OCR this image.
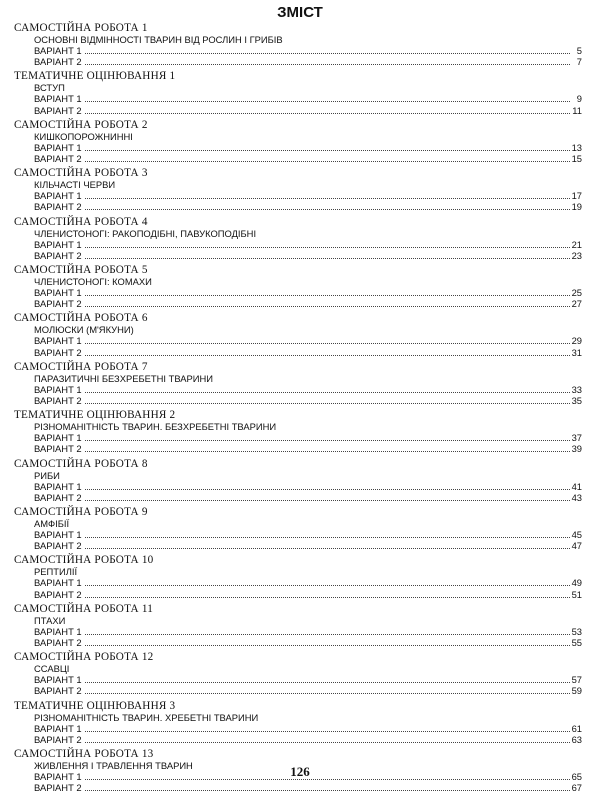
ЗМІСТ
САМОСТІЙНА РОБОТА 1
ОСНОВНІ ВІДМІННОСТІ ТВАРИН ВІД РОСЛИН І ГРИБІВ
ВАРІАНТ 1	5
ВАРІАНТ 2	7
ТЕМАТИЧНЕ ОЦІНЮВАННЯ 1
ВСТУП
ВАРІАНТ 1	9
ВАРІАНТ 2	11
САМОСТІЙНА РОБОТА 2
КИШКОПОРОЖНИННІ
ВАРІАНТ 1	13
ВАРІАНТ 2	15
САМОСТІЙНА РОБОТА 3
КІЛЬЧАСТІ ЧЕРВИ
ВАРІАНТ 1	17
ВАРІАНТ 2	19
САМОСТІЙНА РОБОТА 4
ЧЛЕНИСТОНОГІ: РАКОПОДІБНІ, ПАВУКОПОДІБНІ
ВАРІАНТ 1	21
ВАРІАНТ 2	23
САМОСТІЙНА РОБОТА 5
ЧЛЕНИСТОНОГІ: КОМАХИ
ВАРІАНТ 1	25
ВАРІАНТ 2	27
САМОСТІЙНА РОБОТА 6
МОЛЮСКИ (М'ЯКУНИ)
ВАРІАНТ 1	29
ВАРІАНТ 2	31
САМОСТІЙНА РОБОТА 7
ПАРАЗИТИЧНІ БЕЗХРЕБЕТНІ ТВАРИНИ
ВАРІАНТ 1	33
ВАРІАНТ 2	35
ТЕМАТИЧНЕ ОЦІНЮВАННЯ 2
РІЗНОМАНІТНІСТЬ ТВАРИН. БЕЗХРЕБЕТНІ ТВАРИНИ
ВАРІАНТ 1	37
ВАРІАНТ 2	39
САМОСТІЙНА РОБОТА 8
РИБИ
ВАРІАНТ 1	41
ВАРІАНТ 2	43
САМОСТІЙНА РОБОТА 9
АМФІБІЇ
ВАРІАНТ 1	45
ВАРІАНТ 2	47
САМОСТІЙНА РОБОТА 10
РЕПТИЛІЇ
ВАРІАНТ 1	49
ВАРІАНТ 2	51
САМОСТІЙНА РОБОТА 11
ПТАХИ
ВАРІАНТ 1	53
ВАРІАНТ 2	55
САМОСТІЙНА РОБОТА 12
ССАВЦІ
ВАРІАНТ 1	57
ВАРІАНТ 2	59
ТЕМАТИЧНЕ ОЦІНЮВАННЯ 3
РІЗНОМАНІТНІСТЬ ТВАРИН. ХРЕБЕТНІ ТВАРИНИ
ВАРІАНТ 1	61
ВАРІАНТ 2	63
САМОСТІЙНА РОБОТА 13
ЖИВЛЕННЯ І ТРАВЛЕННЯ ТВАРИН
ВАРІАНТ 1	65
ВАРІАНТ 2	67
126
